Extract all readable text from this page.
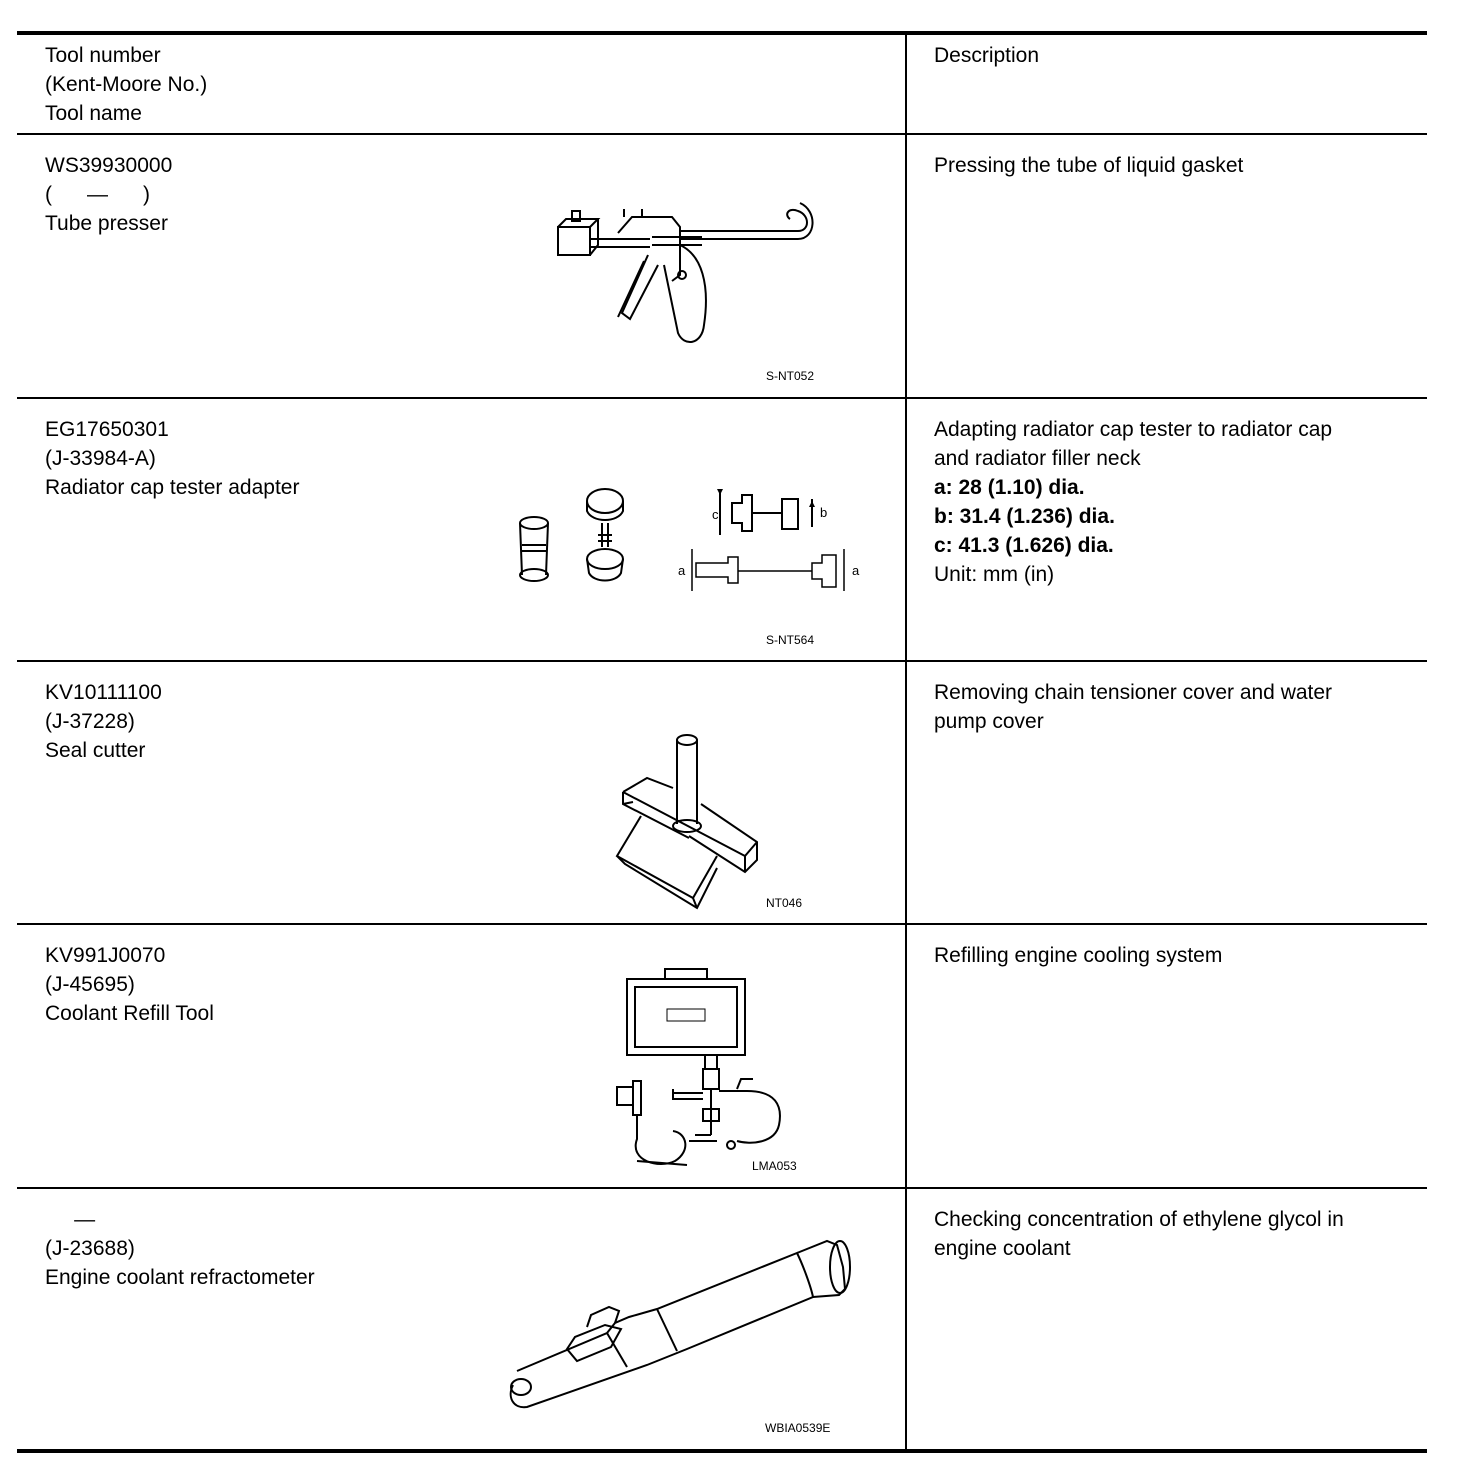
Tool number
(Kent-Moore No.)
Tool name
Description
WS39930000
(      —      )
Tube presser
S-NT052
Pressing the tube of liquid gasket
EG17650301
(J-33984-A)
Radiator cap tester adapter
c	b
a	a
S-NT564
Adapting radiator cap tester to radiator cap
and radiator filler neck
a: 28 (1.10) dia.
b: 31.4 (1.236) dia.
c: 41.3 (1.626) dia.
Unit: mm (in)
KV10111100
(J-37228)
Seal cutter
NT046
Removing chain tensioner cover and water
pump cover
KV991J0070
(J-45695)
Coolant Refill Tool
LMA053
Refilling engine cooling system
—
(J-23688)
Engine coolant refractometer
WBIA0539E
Checking concentration of ethylene glycol in
engine coolant
